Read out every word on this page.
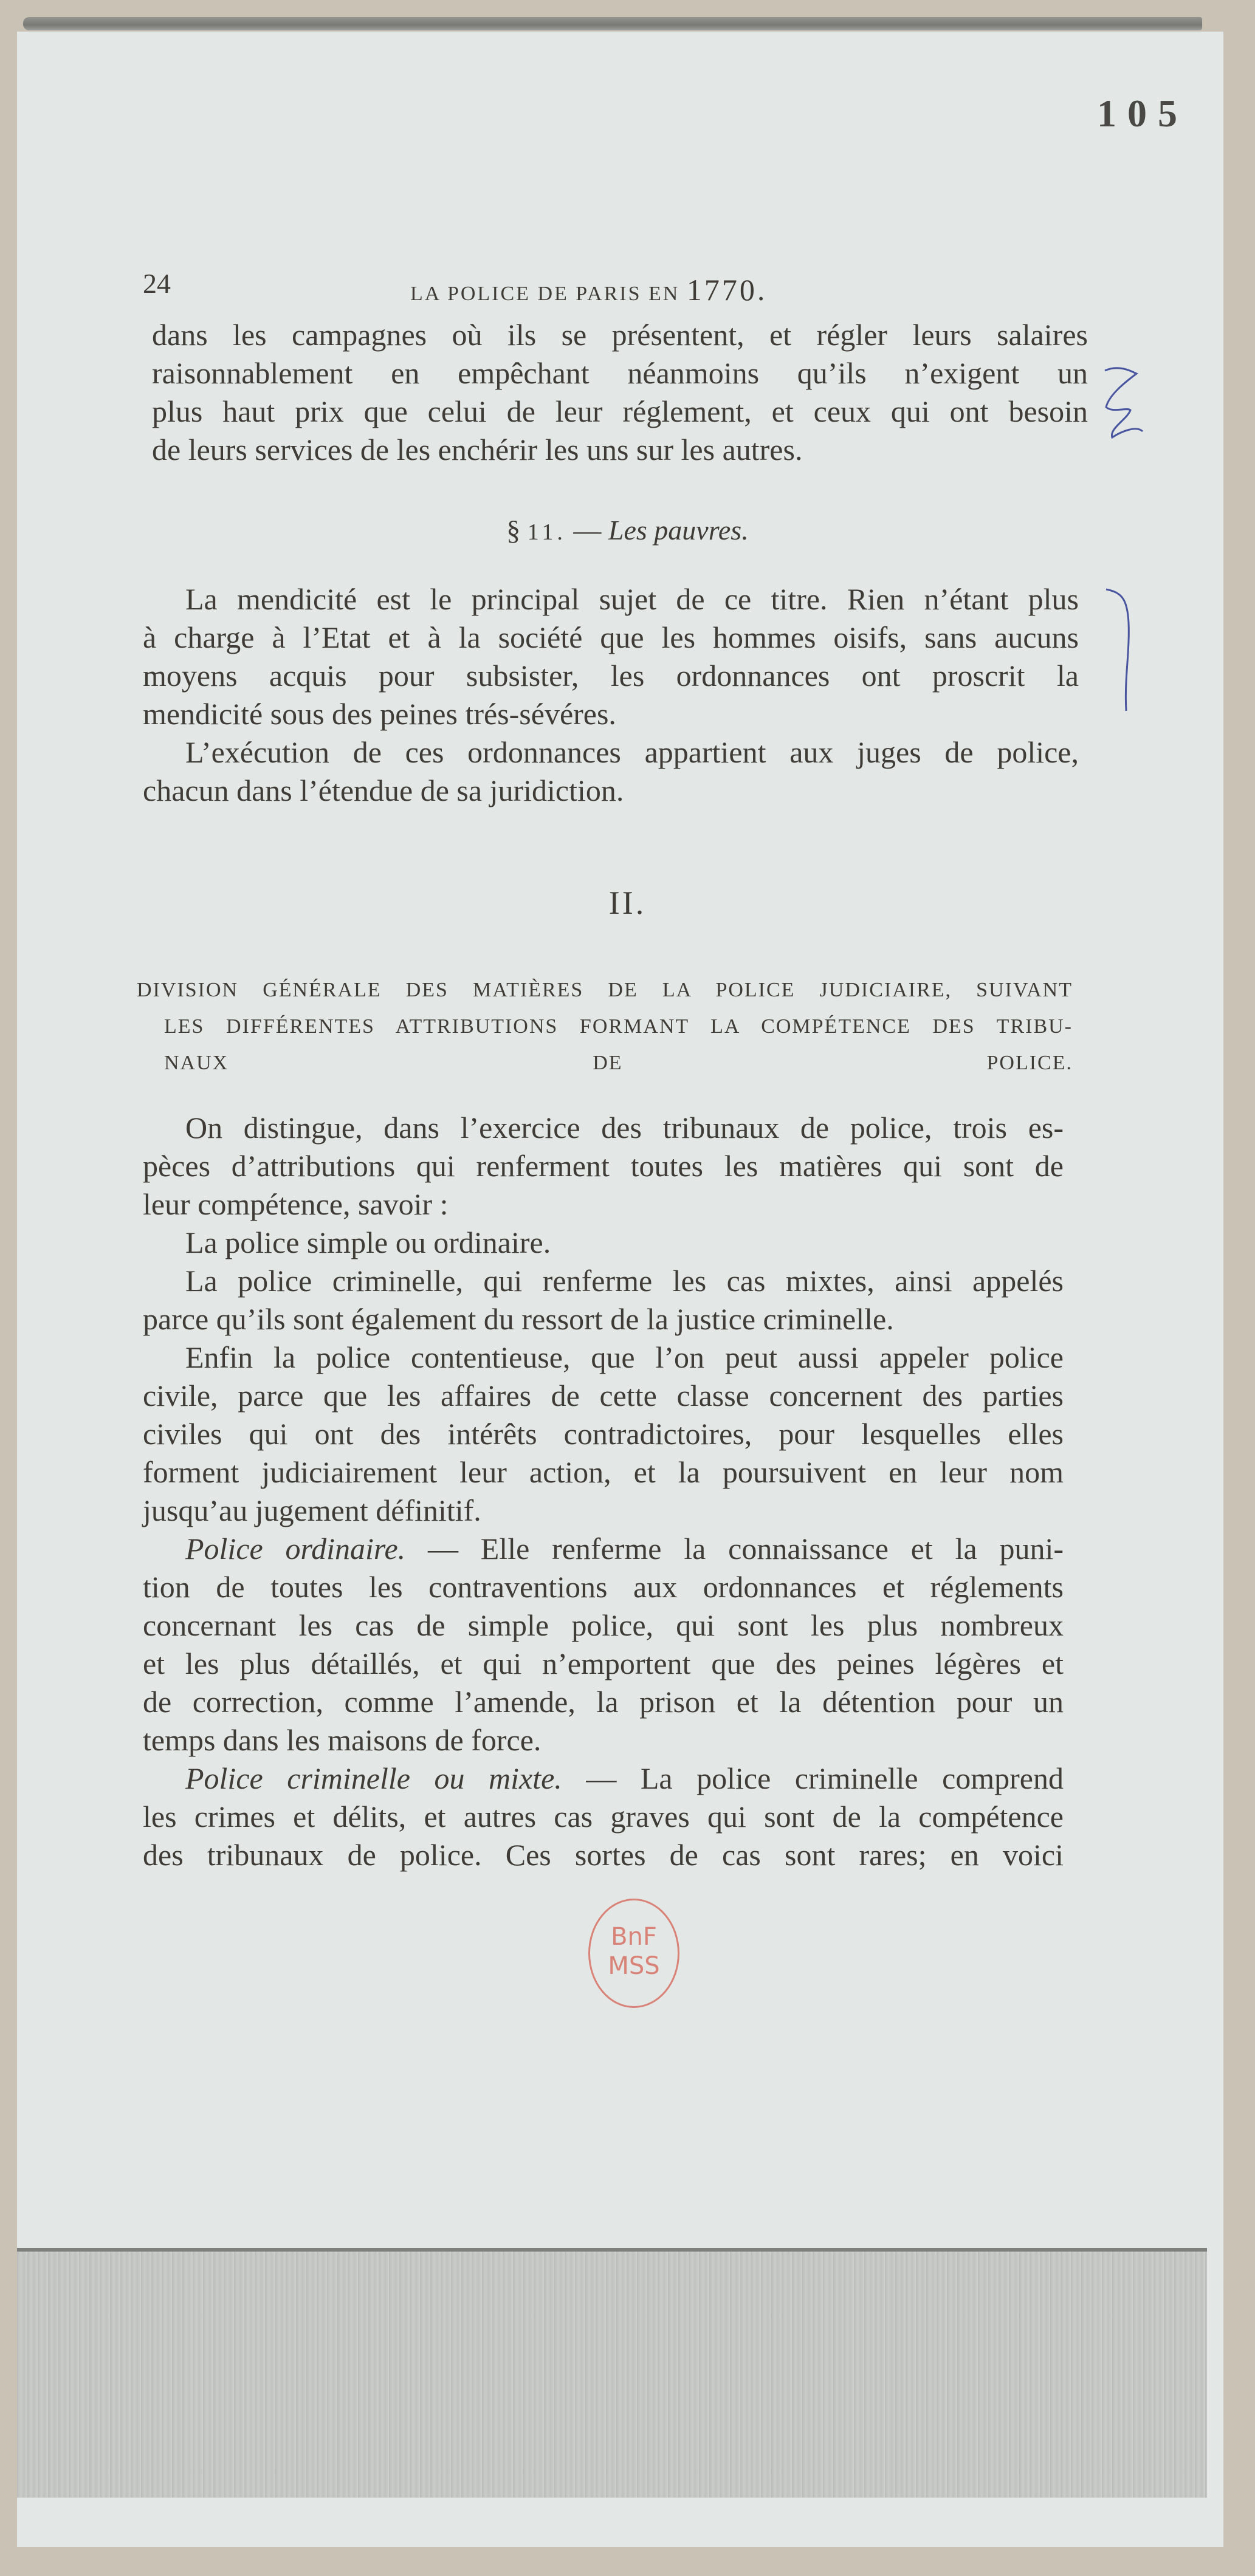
105
24	LA POLICE DE PARIS EN 1770.
dans les campagnes où ils se présentent, et régler leurs salaires
raisonnablement en empêchant néanmoins qu’ils n’exigent un
plus haut prix que celui de leur réglement, et ceux qui ont besoin
de leurs services de les enchérir les uns sur les autres.
§ 11. — Les pauvres.
La mendicité est le principal sujet de ce titre. Rien n’étant plus
à charge à l’Etat et à la société que les hommes oisifs, sans aucuns
moyens acquis pour subsister, les ordonnances ont proscrit la
mendicité sous des peines trés-sévéres.
L’exécution de ces ordonnances appartient aux juges de police,
chacun dans l’étendue de sa juridiction.
II.
DIVISION GÉNÉRALE DES MATIÈRES DE LA POLICE JUDICIAIRE, SUIVANT
LES DIFFÉRENTES ATTRIBUTIONS FORMANT LA COMPÉTENCE DES TRIBU-
NAUX DE POLICE.
On distingue, dans l’exercice des tribunaux de police, trois es-
pèces d’attributions qui renferment toutes les matières qui sont de
leur compétence, savoir :
La police simple ou ordinaire.
La police criminelle, qui renferme les cas mixtes, ainsi appelés
parce qu’ils sont également du ressort de la justice criminelle.
Enfin la police contentieuse, que l’on peut aussi appeler police
civile, parce que les affaires de cette classe concernent des parties
civiles qui ont des intérêts contradictoires, pour lesquelles elles
forment judiciairement leur action, et la poursuivent en leur nom
jusqu’au jugement définitif.
Police ordinaire. — Elle renferme la connaissance et la puni-
tion de toutes les contraventions aux ordonnances et réglements
concernant les cas de simple police, qui sont les plus nombreux
et les plus détaillés, et qui n’emportent que des peines légères et
de correction, comme l’amende, la prison et la détention pour un
temps dans les maisons de force.
Police criminelle ou mixte. — La police criminelle comprend
les crimes et délits, et autres cas graves qui sont de la compétence
des tribunaux de police. Ces sortes de cas sont rares; en voici
BnF
MSS
